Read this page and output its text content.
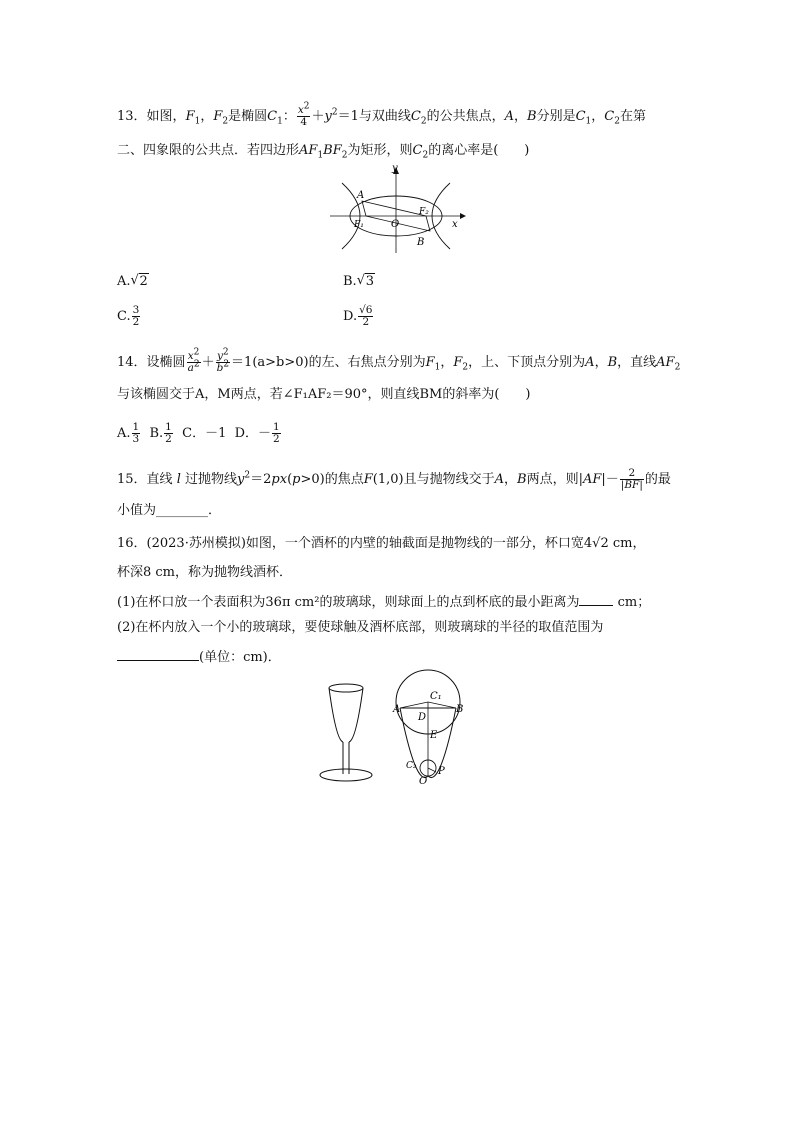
13．如图，$F_1$，$F_2$是椭圆$C_1$： $\frac{x^2}{4} +y^2=1$与双曲线$C_2$的公共焦点，A，B分别是$C_1$，$C_2$在第
二、四象限的公共点．若四边形$AF_1BF_2$为矩形，则$C_2$的离心率是(　　)
y
A
F₁	O
F₂
B
x
A. √ 2	B. √ 3
C. $\frac{3}{2}$	D. $\frac{√6}{2}$
14．设椭圆 $\frac{x^2}{a^2} + \frac{y^2}{b^2} =1(a>b>0)$的左、右焦点分别为$F_1$，$F_2$，上、下顶点分别为A，B，直线$AF_2$
与该椭圆交于A，M两点，若∠F₁AF₂＝90°，则直线BM的斜率为(　　)
A. $\frac{1}{3} B$. $\frac{1}{2}$ C．－1  D．－ $\frac{1}{2}$
15．直线 l 过抛物线$y^2=2px(p>0)$的焦点F(1,0)且与抛物线交于A，B两点，则$|AF|- \frac{2}{|BF|}$ 的最
小值为________．
16．(2023·苏州模拟)如图，一个酒杯的内壁的轴截面是抛物线的一部分，杯口宽4√2 cm，
杯深8 cm，称为抛物线酒杯．
(1)在杯口放一个表面积为36π cm²的玻璃球，则球面上的点到杯底的最小距离为	cm；
(2)在杯内放入一个小的玻璃球，要使球触及酒杯底部，则玻璃球的半径的取值范围为
(单位：cm)．
C₁
A
D
B
E
C₂ P
O
